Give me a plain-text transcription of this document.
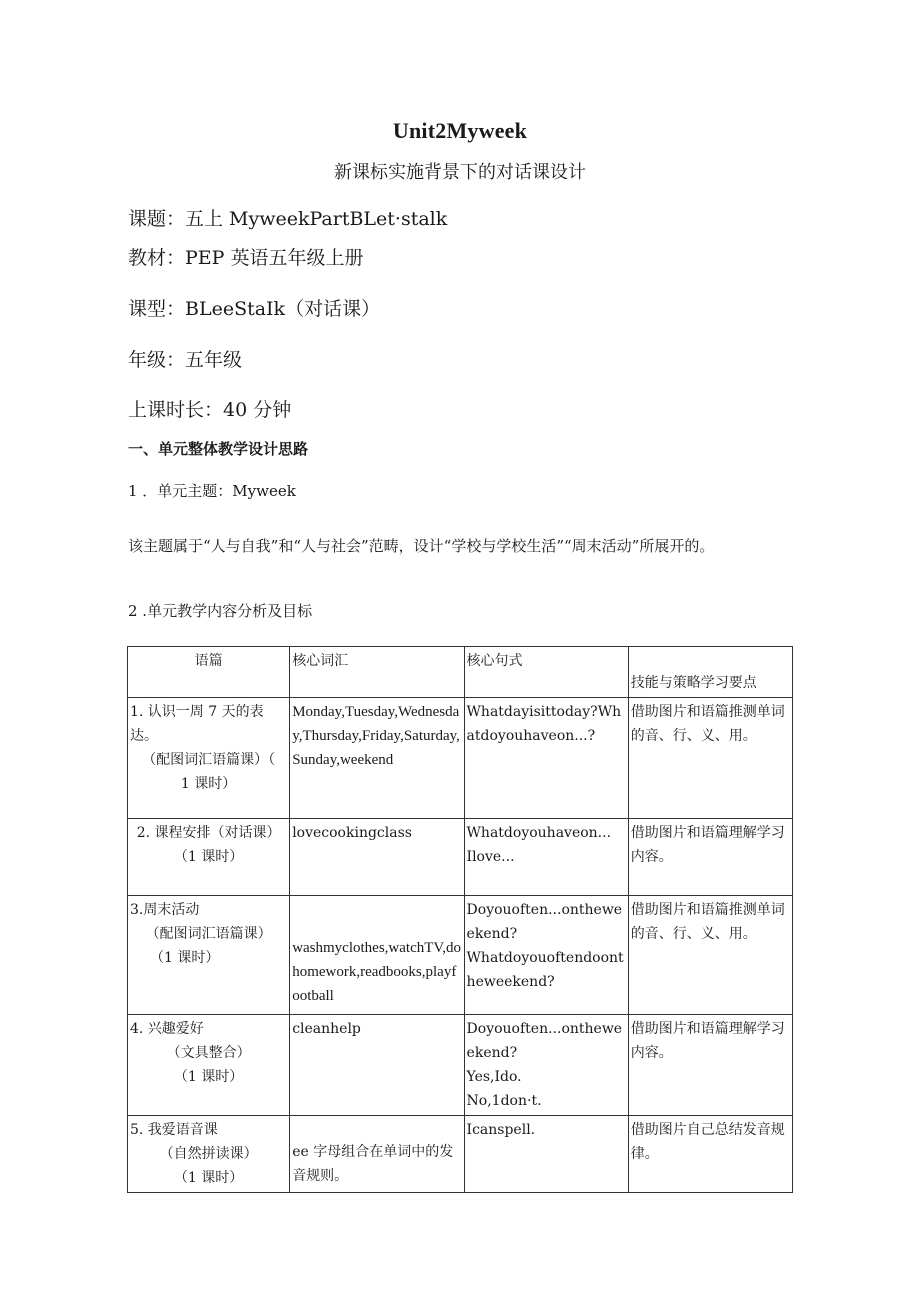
Unit2Myweek
新课标实施背景下的对话课设计
课题：五上 MyweekPartBLet·stalk
教材：PEP 英语五年级上册
课型：BLeeStaIk（对话课）
年级：五年级
上课时长：40 分钟
一、单元整体教学设计思路
1 ．单元主题：Myweek
该主题属于“人与自我”和“人与社会”范畴，设计“学校与学校生活”“周末活动”所展开的。
2 .单元教学内容分析及目标
语篇	核心词汇	核心句式	技能与策略学习要点

1. 认识一周 7 天的表达。
（配图词汇语篇课）（
1 课时）	Monday,Tuesday,Wednesday,Thursday,Friday,Saturday,Sunday,weekend	Whatdayisittoday?Whatdoyouhaveon...?	借助图片和语篇推测单词的音、行、义、用。

2. 课程安排（对话课）
（1 课时）	lovecookingclass	Whatdoyouhaveon...
Ilove...	借助图片和语篇理解学习内容。

3.周末活动
（配图词汇语篇课）
（1 课时）	washmyclothes,watchTV,dohomework,readbooks,playfootball	Doyouoften...ontheweekend?
Whatdoyouoftendoontheweekend?	借助图片和语篇推测单词的音、行、义、用。

4. 兴趣爱好
（文具整合）
（1 课时）	cleanhelp	Doyouoften...ontheweekend?
Yes,Ido.
No,1don·t.	借助图片和语篇理解学习内容。

5. 我爱语音课
（自然拼读课）
（1 课时）	ee 字母组合在单词中的发音规则。	Icanspell.	借助图片自己总结发音规律。
